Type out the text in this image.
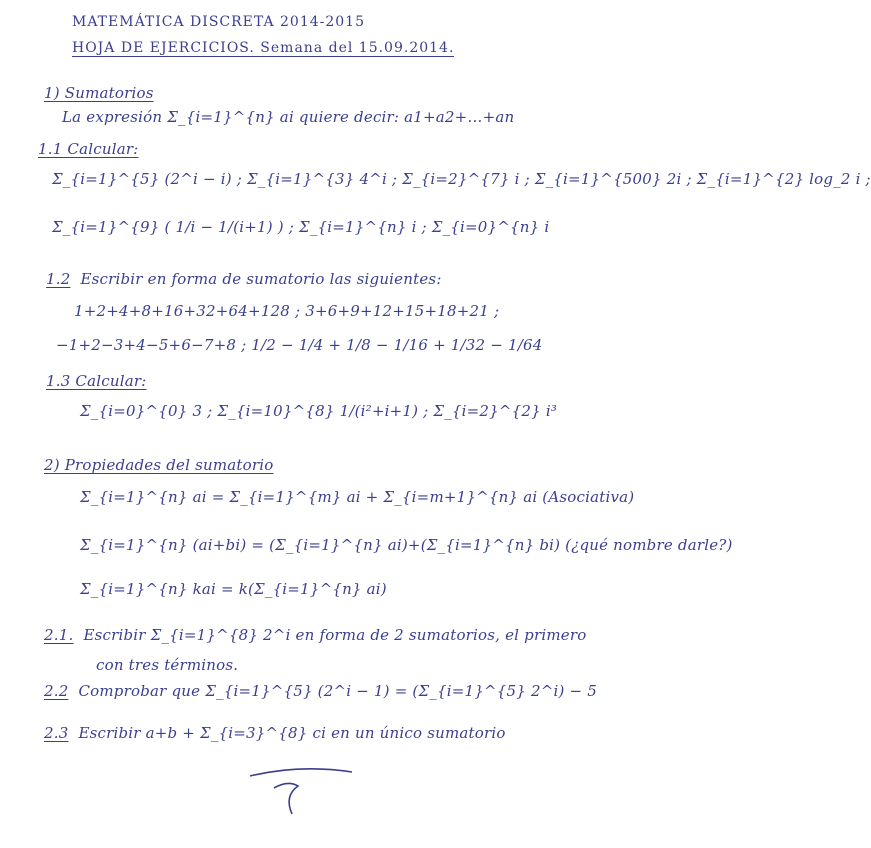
MATEMÁTICA DISCRETA 2014-2015
HOJA DE EJERCICIOS. Semana del 15.09.2014.
1) Sumatorios
La expresión Σ_{i=1}^{n} ai quiere decir: a1+a2+…+an
1.1 Calcular:
Σ_{i=1}^{5} (2^i − i) ; Σ_{i=1}^{3} 4^i ; Σ_{i=2}^{7} i ; Σ_{i=1}^{500} 2i ; Σ_{i=1}^{2} log_2 i ;
Σ_{i=1}^{9} ( 1/i − 1/(i+1) ) ; Σ_{i=1}^{n} i ; Σ_{i=0}^{n} i
1.2 Escribir en forma de sumatorio las siguientes:
1+2+4+8+16+32+64+128 ; 3+6+9+12+15+18+21 ;
−1+2−3+4−5+6−7+8 ; 1/2 − 1/4 + 1/8 − 1/16 + 1/32 − 1/64
1.3 Calcular:
Σ_{i=0}^{0} 3 ; Σ_{i=10}^{8} 1/(i²+i+1) ; Σ_{i=2}^{2} i³
2) Propiedades del sumatorio
Σ_{i=1}^{n} ai = Σ_{i=1}^{m} ai + Σ_{i=m+1}^{n} ai (Asociativa)
Σ_{i=1}^{n} (ai+bi) = (Σ_{i=1}^{n} ai)+(Σ_{i=1}^{n} bi) (¿qué nombre darle?)
Σ_{i=1}^{n} kai = k(Σ_{i=1}^{n} ai)
2.1. Escribir Σ_{i=1}^{8} 2^i en forma de 2 sumatorios, el primero
con tres términos.
2.2 Comprobar que Σ_{i=1}^{5} (2^i − 1) = (Σ_{i=1}^{5} 2^i) − 5
2.3 Escribir a+b + Σ_{i=3}^{8} ci en un único sumatorio
